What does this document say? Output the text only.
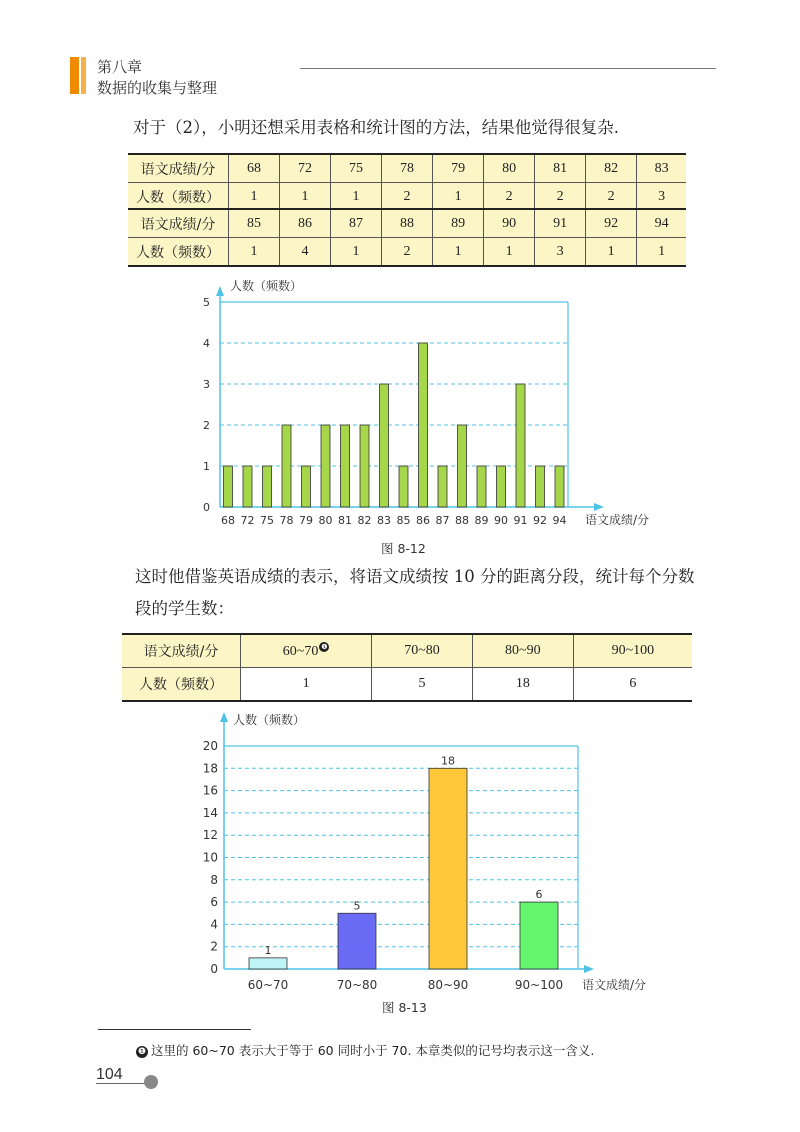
第八章
数据的收集与整理
对于（2），小明还想采用表格和统计图的方法，结果他觉得很复杂.
语文成绩/分	68	72	75	78	79	80	81	82	83
人数（频数）	1	1	1	2	1	2	2	2	3
语文成绩/分	85	86	87	88	89	90	91	92	94
人数（频数）	1	4	1	2	1	1	3	1	1
0
1
2
3
4
5
人数（频数）
68 72 75 78 79 80 81 82 83 85 86 87 88 89 90 91 92 94 语文成绩/分
图 8-12
这时他借鉴英语成绩的表示，将语文成绩按 10 分的距离分段，统计每个分数段的学生数：
语文成绩/分	60~70 ❶	70~80	80~90	90~100
人数（频数）	1	5	18	6
0
2
4
6
8
10
12
14
16
18
20
人数（频数）
1
60~70
5
70~80
18
80~90
6
90~100 语文成绩/分
图 8-13
❶ 这里的 60~70 表示大于等于 60 同时小于 70. 本章类似的记号均表示这一含义.
104
